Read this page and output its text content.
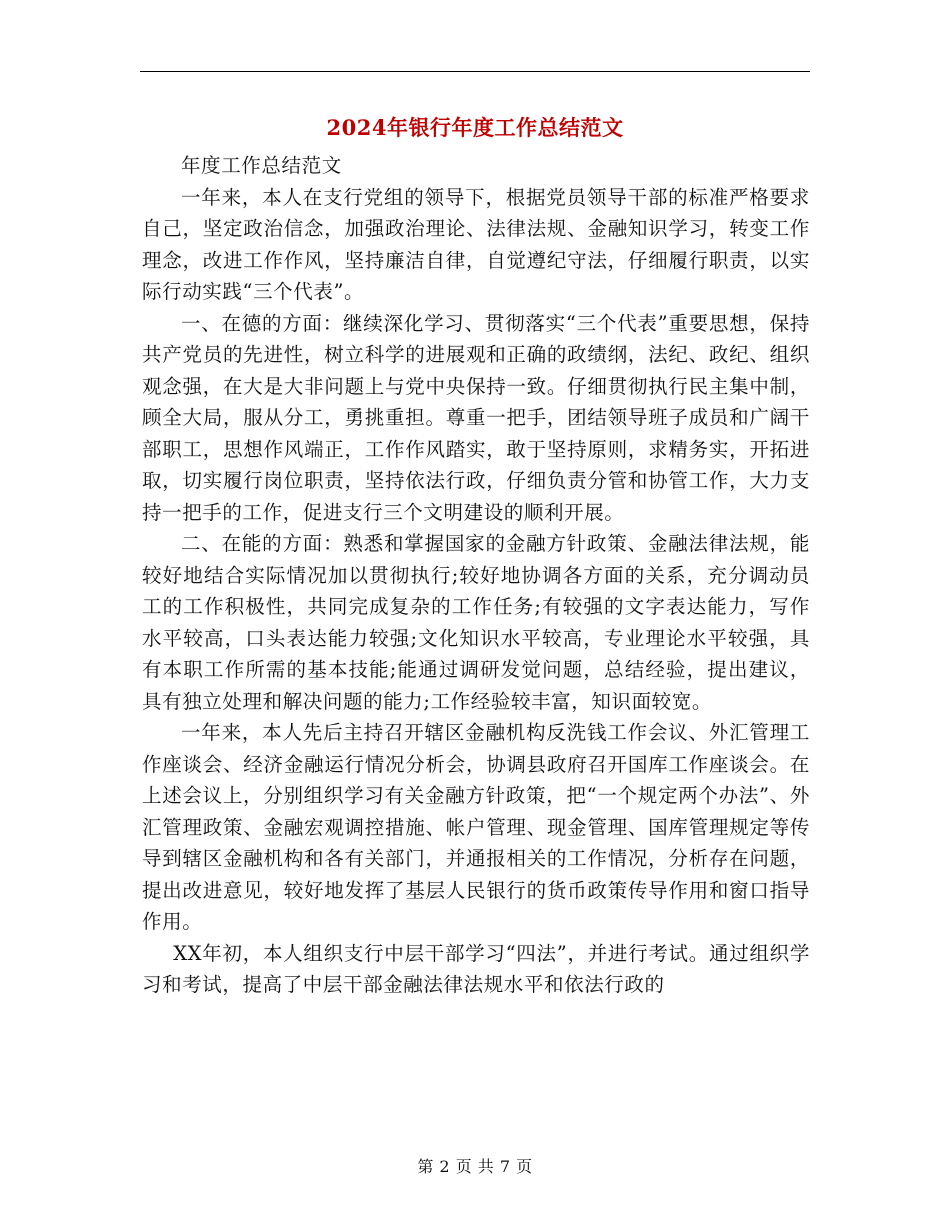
2024年银行年度工作总结范文

年度工作总结范文

一年来，本人在支行党组的领导下，根据党员领导干部的标准严格要求自己，坚定政治信念，加强政治理论、法律法规、金融知识学习，转变工作理念，改进工作作风，坚持廉洁自律，自觉遵纪守法，仔细履行职责，以实际行动实践“三个代表”。

一、在德的方面：继续深化学习、贯彻落实“三个代表”重要思想，保持共产党员的先进性，树立科学的进展观和正确的政绩纲，法纪、政纪、组织观念强，在大是大非问题上与党中央保持一致。仔细贯彻执行民主集中制，顾全大局，服从分工，勇挑重担。尊重一把手，团结领导班子成员和广阔干部职工，思想作风端正，工作作风踏实，敢于坚持原则，求精务实，开拓进取，切实履行岗位职责，坚持依法行政，仔细负责分管和协管工作，大力支持一把手的工作，促进支行三个文明建设的顺利开展。

二、在能的方面：熟悉和掌握国家的金融方针政策、金融法律法规，能较好地结合实际情况加以贯彻执行;较好地协调各方面的关系，充分调动员工的工作积极性，共同完成复杂的工作任务;有较强的文字表达能力，写作水平较高，口头表达能力较强;文化知识水平较高，专业理论水平较强，具有本职工作所需的基本技能;能通过调研发觉问题，总结经验，提出建议，具有独立处理和解决问题的能力;工作经验较丰富，知识面较宽。

一年来，本人先后主持召开辖区金融机构反洗钱工作会议、外汇管理工作座谈会、经济金融运行情况分析会，协调县政府召开国库工作座谈会。在上述会议上，分别组织学习有关金融方针政策，把“一个规定两个办法”、外汇管理政策、金融宏观调控措施、帐户管理、现金管理、国库管理规定等传导到辖区金融机构和各有关部门，并通报相关的工作情况，分析存在问题，提出改进意见，较好地发挥了基层人民银行的货币政策传导作用和窗口指导作用。

XX年初，本人组织支行中层干部学习“四法”，并进行考试。通过组织学习和考试，提高了中层干部金融法律法规水平和依法行政的

第 2 页 共 7 页
